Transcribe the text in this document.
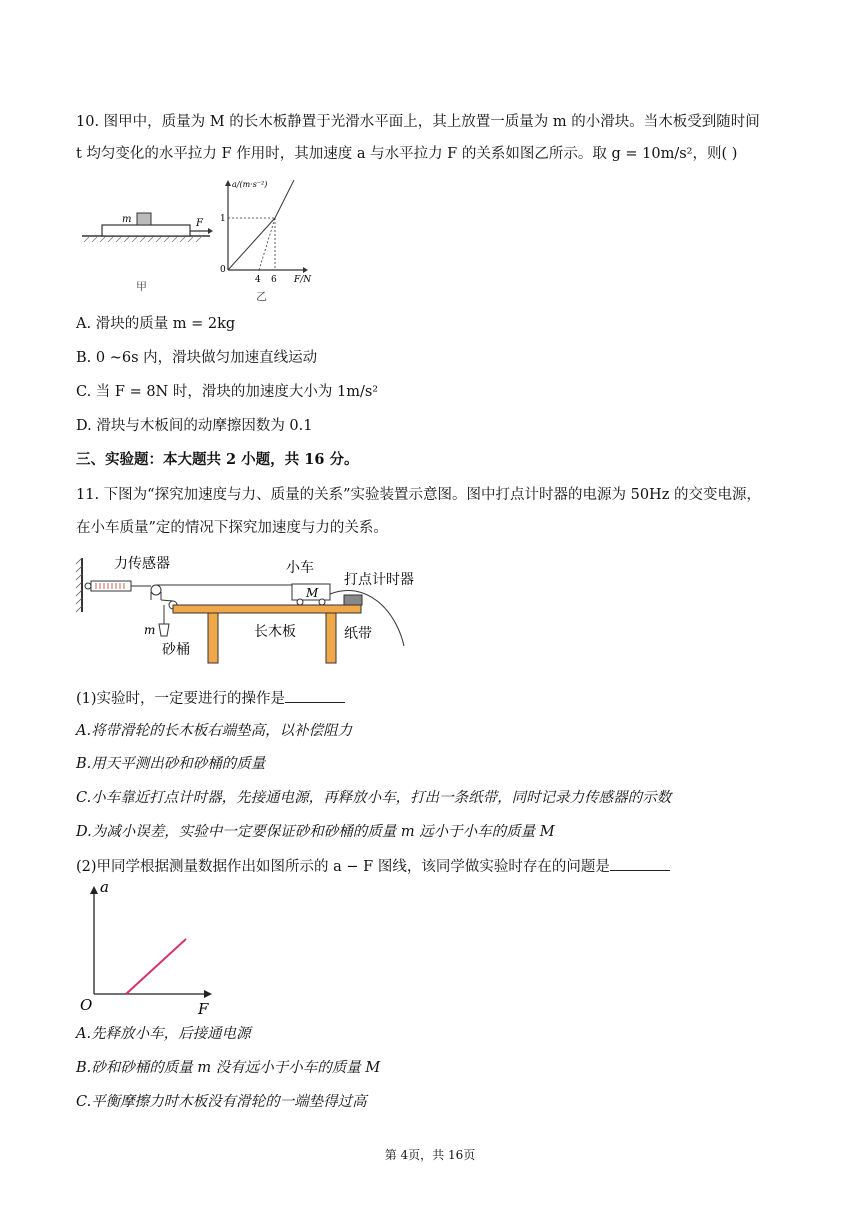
10. 图甲中，质量为 M 的长木板静置于光滑水平面上，其上放置一质量为 m 的小滑块。当木板受到随时间
t 均匀变化的水平拉力 F 作用时，其加速度 a 与水平拉力 F 的关系如图乙所示。取 g = 10m/s²，则( )
m	F
甲
a/(m·s⁻²)
F/N
0
1
4 6
乙
A. 滑块的质量 m = 2kg
B. 0 ~6s 内，滑块做匀加速直线运动
C. 当 F = 8N 时，滑块的加速度大小为 1m/s²
D. 滑块与木板间的动摩擦因数为 0.1
三、实验题：本大题共 2 小题，共 16 分。
11. 下图为“探究加速度与力、质量的关系”实验装置示意图。图中打点计时器的电源为 50Hz 的交变电源，
在小车质量”定的情况下探究加速度与力的关系。
力传感器	小车
打点计时器
M
m
砂桶
长木板	纸带
(1)实验时，一定要进行的操作是
A.将带滑轮的长木板右端垫高，以补偿阻力
B.用天平测出砂和砂桶的质量
C.小车靠近打点计时器，先接通电源，再释放小车，打出一条纸带，同时记录力传感器的示数
D.为减小误差，实验中一定要保证砂和砂桶的质量 m 远小于小车的质量 M
(2)甲同学根据测量数据作出如图所示的 a − F 图线，该同学做实验时存在的问题是
a
F
O
A.先释放小车，后接通电源
B.砂和砂桶的质量 m 没有远小于小车的质量 M
C.平衡摩擦力时木板没有滑轮的一端垫得过高
第 4页，共 16页
